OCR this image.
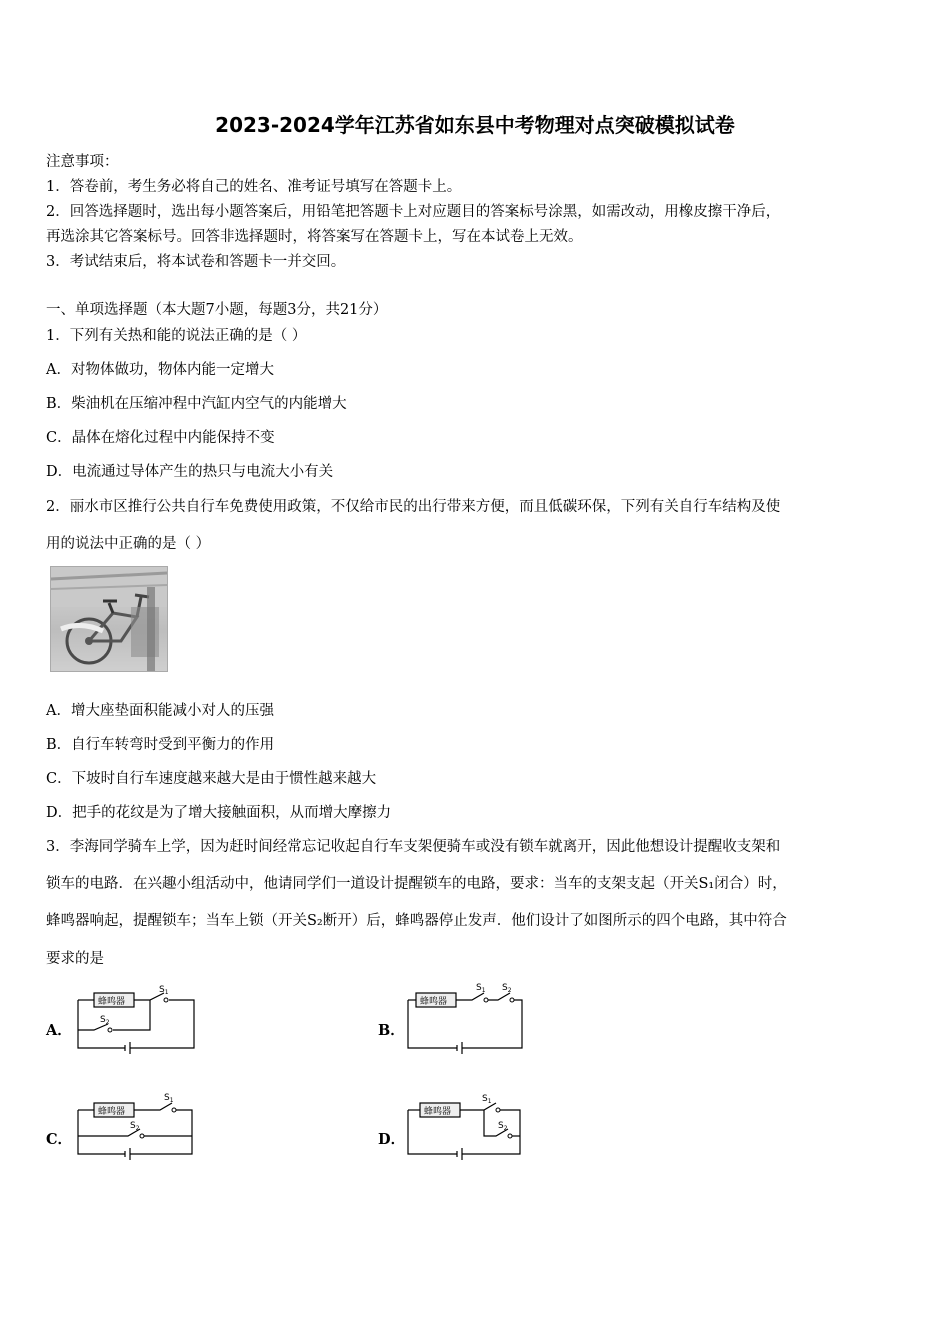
2023-2024学年江苏省如东县中考物理对点突破模拟试卷
注意事项：
1．答卷前，考生务必将自己的姓名、准考证号填写在答题卡上。
2．回答选择题时，选出每小题答案后，用铅笔把答题卡上对应题目的答案标号涂黑，如需改动，用橡皮擦干净后，
再选涂其它答案标号。回答非选择题时，将答案写在答题卡上，写在本试卷上无效。
3．考试结束后，将本试卷和答题卡一并交回。
一、单项选择题（本大题7小题，每题3分，共21分）
1．下列有关热和能的说法正确的是（ ）
A．对物体做功，物体内能一定增大
B．柴油机在压缩冲程中汽缸内空气的内能增大
C．晶体在熔化过程中内能保持不变
D．电流通过导体产生的热只与电流大小有关
2．丽水市区推行公共自行车免费使用政策，不仅给市民的出行带来方便，而且低碳环保，下列有关自行车结构及使
用的说法中正确的是（ ）
A．增大座垫面积能减小对人的压强
B．自行车转弯时受到平衡力的作用
C．下坡时自行车速度越来越大是由于惯性越来越大
D．把手的花纹是为了增大接触面积，从而增大摩擦力
3．李海同学骑车上学，因为赶时间经常忘记收起自行车支架便骑车或没有锁车就离开，因此他想设计提醒收支架和
锁车的电路．在兴趣小组活动中，他请同学们一道设计提醒锁车的电路，要求：当车的支架支起（开关S₁闭合）时，
蜂鸣器响起，提醒锁车；当车上锁（开关S₂断开）后，蜂鸣器停止发声．他们设计了如图所示的四个电路，其中符合
要求的是
A．
蜂鸣器
$S_1$
$S_2$	B．
蜂鸣器
$S_1$ $S_2$
C．
蜂鸣器
$S_1$
$S_2$
D．
蜂鸣器
$S_1$
$S_2$
